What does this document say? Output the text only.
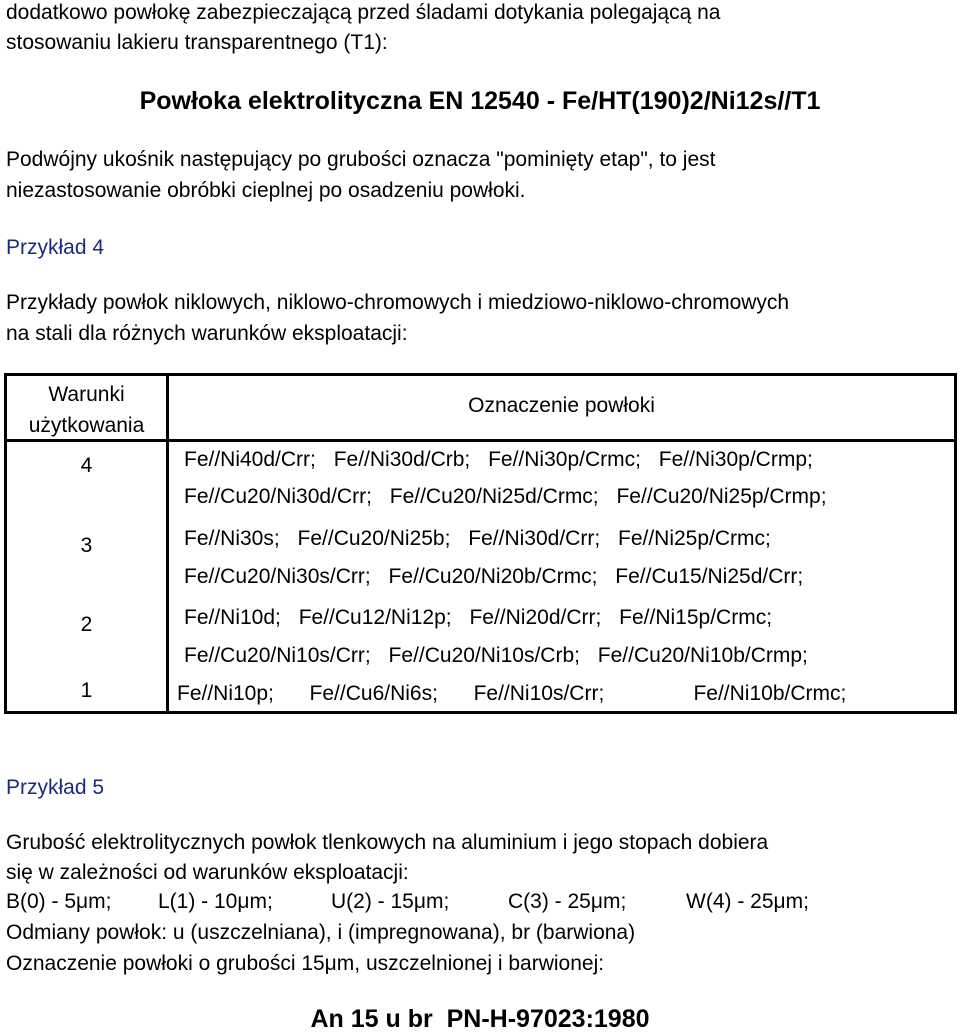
dodatkowo powłokę zabezpieczającą przed śladami dotykania polegającą na
stosowaniu lakieru transparentnego (T1):
Powłoka elektrolityczna EN 12540 - Fe/HT(190)2/Ni12s//T1
Podwójny ukośnik następujący po grubości oznacza "pominięty etap", to jest
niezastosowanie obróbki cieplnej po osadzeniu powłoki.
Przykład 4
Przykłady powłok niklowych, niklowo-chromowych i miedziowo-niklowo-chromowych
na stali dla różnych warunków eksploatacji:
Warunki
użytkowania
Oznaczenie powłoki
4	Fe//Ni40d/Crr; Fe//Ni30d/Crb; Fe//Ni30p/Crmc; Fe//Ni30p/Crmp;
Fe//Cu20/Ni30d/Crr; Fe//Cu20/Ni25d/Crmc; Fe//Cu20/Ni25p/Crmp;
3	Fe//Ni30s; Fe//Cu20/Ni25b; Fe//Ni30d/Crr; Fe//Ni25p/Crmc;
Fe//Cu20/Ni30s/Crr; Fe//Cu20/Ni20b/Crmc; Fe//Cu15/Ni25d/Crr;
2	Fe//Ni10d; Fe//Cu12/Ni12p; Fe//Ni20d/Crr; Fe//Ni15p/Crmc;
Fe//Cu20/Ni10s/Crr; Fe//Cu20/Ni10s/Crb; Fe//Cu20/Ni10b/Crmp;
1	Fe//Ni10p;  Fe//Cu6/Ni6s;  Fe//Ni10s/Crr;     Fe//Ni10b/Crmc;
Przykład 5
Grubość elektrolitycznych powłok tlenkowych na aluminium i jego stopach dobiera
się w zależności od warunków eksploatacji:
B(0) - 5μm; L(1) - 10μm;	U(2) - 15μm;	C(3) - 25μm;	W(4) - 25μm;
Odmiany powłok: u (uszczelniana), i (impregnowana), br (barwiona)
Oznaczenie powłoki o grubości 15μm, uszczelnionej i barwionej:
An 15 u br  PN-H-97023:1980
